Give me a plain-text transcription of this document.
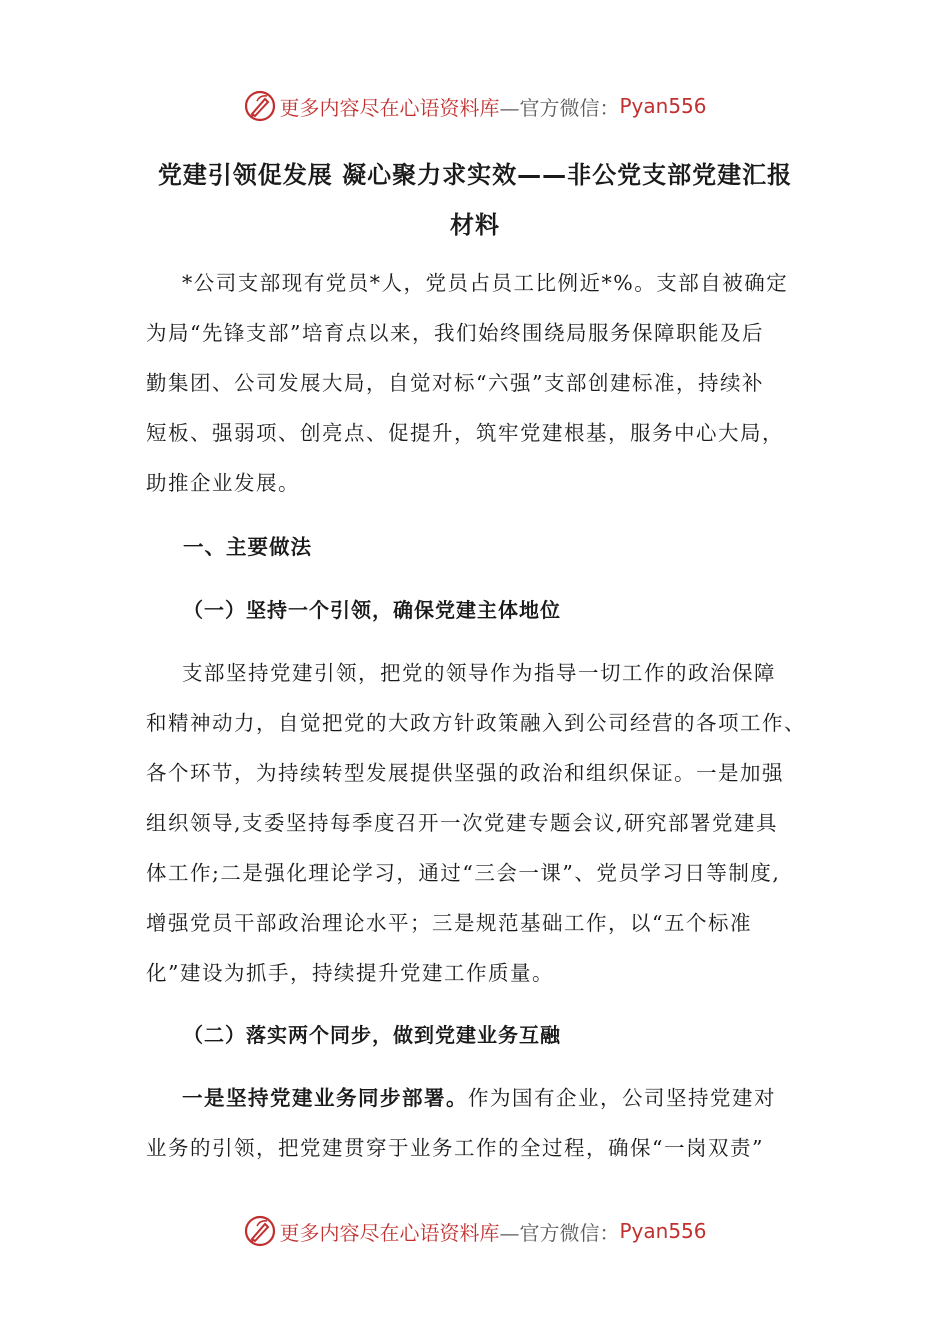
更多内容尽在心语资料库 —官方微信： Pyan556
党建引领促发展 凝心聚力求实效——非公党支部党建汇报
材料
*公司支部现有党员*人，党员占员工比例近*%。支部自被确定
为局“先锋支部”培育点以来，我们始终围绕局服务保障职能及后
勤集团、公司发展大局，自觉对标“六强”支部创建标准，持续补
短板、强弱项、创亮点、促提升，筑牢党建根基，服务中心大局，
助推企业发展。
一、主要做法
（一）坚持一个引领，确保党建主体地位
支部坚持党建引领，把党的领导作为指导一切工作的政治保障
和精神动力，自觉把党的大政方针政策融入到公司经营的各项工作、
各个环节，为持续转型发展提供坚强的政治和组织保证。一是加强
组织领导,支委坚持每季度召开一次党建专题会议,研究部署党建具
体工作;二是强化理论学习，通过“三会一课”、党员学习日等制度,
增强党员干部政治理论水平；三是规范基础工作，以“五个标准
化”建设为抓手，持续提升党建工作质量。
（二）落实两个同步，做到党建业务互融
一是坚持党建业务同步部署。作为国有企业，公司坚持党建对
业务的引领，把党建贯穿于业务工作的全过程，确保“一岗双责”
更多内容尽在心语资料库 —官方微信： Pyan556
